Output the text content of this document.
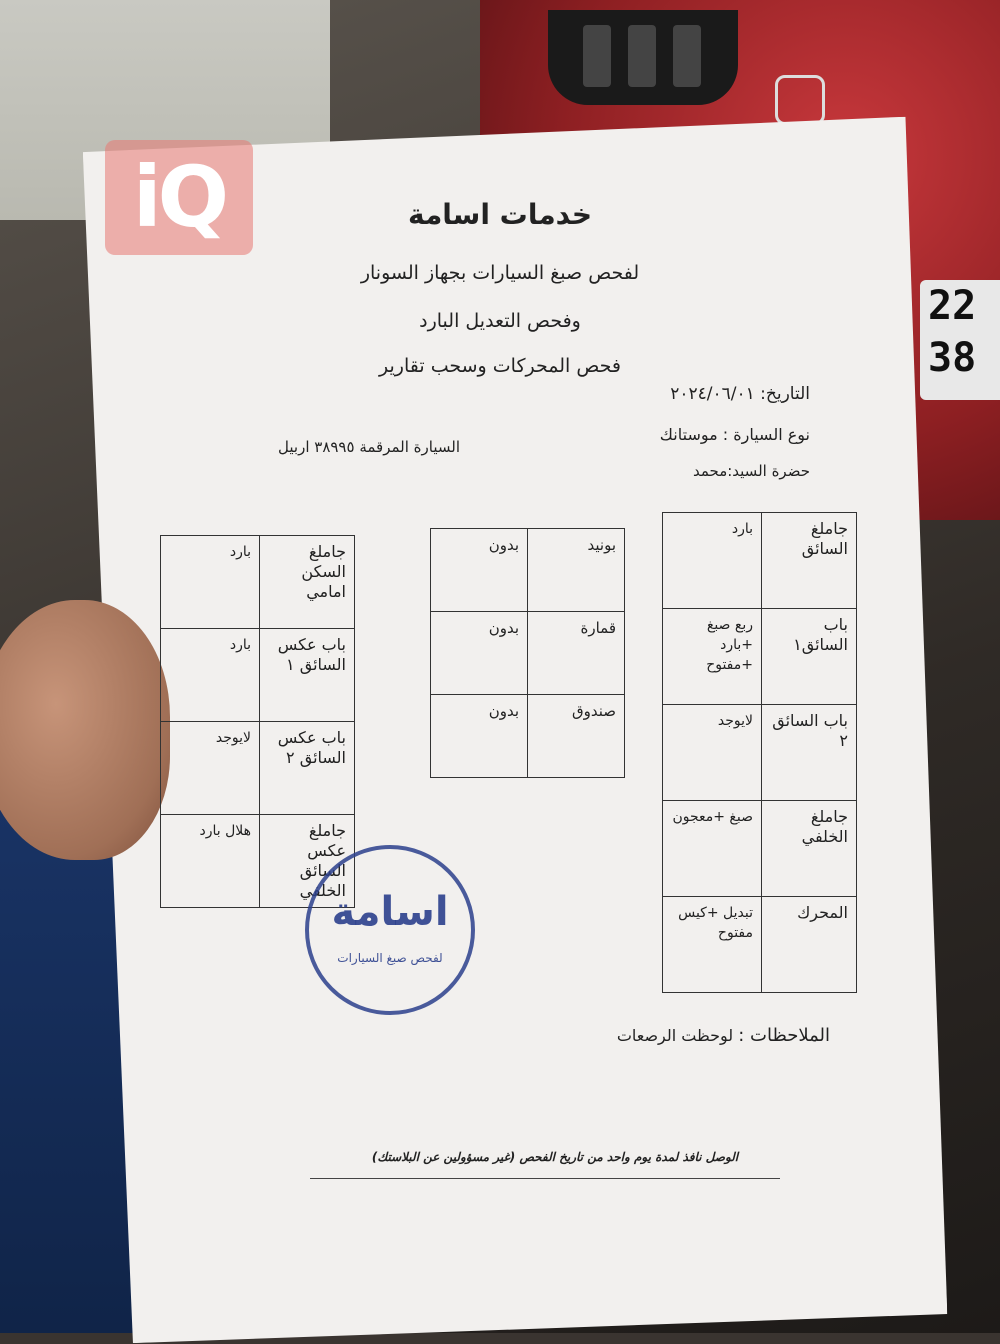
22
38
iQ	خدمات اسامة
لفحص صبغ السيارات بجهاز السونار
وفحص التعديل البارد
فحص المحركات وسحب تقارير
التاريخ: ٢٠٢٤/٠٦/٠١
نوع السيارة : موستانك
السيارة المرقمة ٣٨٩٩٥ اربيل
حضرة السيد:محمد
جاملغ السائق	بارد
باب السائق١	ربع صبغ +بارد +مفتوح
باب السائق ٢	لايوجد
جاملغ الخلفي	صبغ +معجون
المحرك	تبديل +كيس مفتوح
بونيد	بدون
قمارة	بدون
صندوق	بدون
جاملغ السكن امامي	بارد
باب عكس السائق ١	بارد
باب عكس السائق ٢	لايوجد
جاملغ عكس السائق الخلفي	هلال بارد
اسامة
لفحص صبغ السيارات
الملاحظات : لوحظت الرصعات
الوصل نافذ لمدة يوم واحد من تاريخ الفحص (غير مسؤولين عن البلاستك)
